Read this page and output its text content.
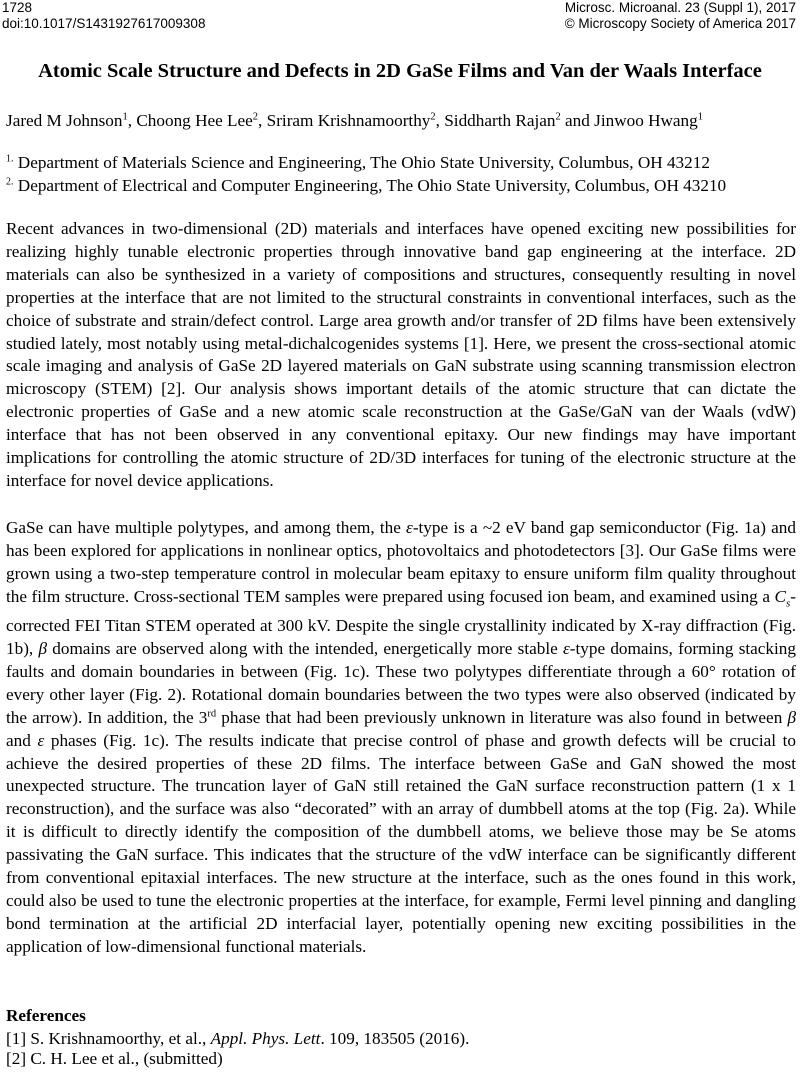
1728
doi:10.1017/S1431927617009308
Microsc. Microanal. 23 (Suppl 1), 2017
© Microscopy Society of America 2017
Atomic Scale Structure and Defects in 2D GaSe Films and Van der Waals Interface
Jared M Johnson$^1$, Choong Hee Lee$^2$, Sriram Krishnamoorthy$^2$, Siddharth Rajan$^2$ and Jinwoo Hwang$^1$
$^{1.}$ Department of Materials Science and Engineering, The Ohio State University, Columbus, OH 43212
$^{2.}$ Department of Electrical and Computer Engineering, The Ohio State University, Columbus, OH 43210
Recent advances in two-dimensional (2D) materials and interfaces have opened exciting new possibilities for realizing highly tunable electronic properties through innovative band gap engineering at the interface. 2D materials can also be synthesized in a variety of compositions and structures, consequently resulting in novel properties at the interface that are not limited to the structural constraints in conventional interfaces, such as the choice of substrate and strain/defect control. Large area growth and/or transfer of 2D films have been extensively studied lately, most notably using metal-dichalcogenides systems [1]. Here, we present the cross-sectional atomic scale imaging and analysis of GaSe 2D layered materials on GaN substrate using scanning transmission electron microscopy (STEM) [2]. Our analysis shows important details of the atomic structure that can dictate the electronic properties of GaSe and a new atomic scale reconstruction at the GaSe/GaN van der Waals (vdW) interface that has not been observed in any conventional epitaxy. Our new findings may have important implications for controlling the atomic structure of 2D/3D interfaces for tuning of the electronic structure at the interface for novel device applications.
GaSe can have multiple polytypes, and among them, the ε-type is a ~2 eV band gap semiconductor (Fig. 1a) and has been explored for applications in nonlinear optics, photovoltaics and photodetectors [3]. Our GaSe films were grown using a two-step temperature control in molecular beam epitaxy to ensure uniform film quality throughout the film structure. Cross-sectional TEM samples were prepared using focused ion beam, and examined using a $C_s$-corrected FEI Titan STEM operated at 300 kV. Despite the single crystallinity indicated by X-ray diffraction (Fig. 1b), β domains are observed along with the intended, energetically more stable ε-type domains, forming stacking faults and domain boundaries in between (Fig. 1c). These two polytypes differentiate through a 60° rotation of every other layer (Fig. 2). Rotational domain boundaries between the two types were also observed (indicated by the arrow). In addition, the 3rd phase that had been previously unknown in literature was also found in between β and ε phases (Fig. 1c). The results indicate that precise control of phase and growth defects will be crucial to achieve the desired properties of these 2D films. The interface between GaSe and GaN showed the most unexpected structure. The truncation layer of GaN still retained the GaN surface reconstruction pattern (1 x 1 reconstruction), and the surface was also “decorated” with an array of dumbbell atoms at the top (Fig. 2a). While it is difficult to directly identify the composition of the dumbbell atoms, we believe those may be Se atoms passivating the GaN surface. This indicates that the structure of the vdW interface can be significantly different from conventional epitaxial interfaces. The new structure at the interface, such as the ones found in this work, could also be used to tune the electronic properties at the interface, for example, Fermi level pinning and dangling bond termination at the artificial 2D interfacial layer, potentially opening new exciting possibilities in the application of low-dimensional functional materials.
References
[1] S. Krishnamoorthy, et al., Appl. Phys. Lett. 109, 183505 (2016).
[2] C. H. Lee et al., (submitted)
